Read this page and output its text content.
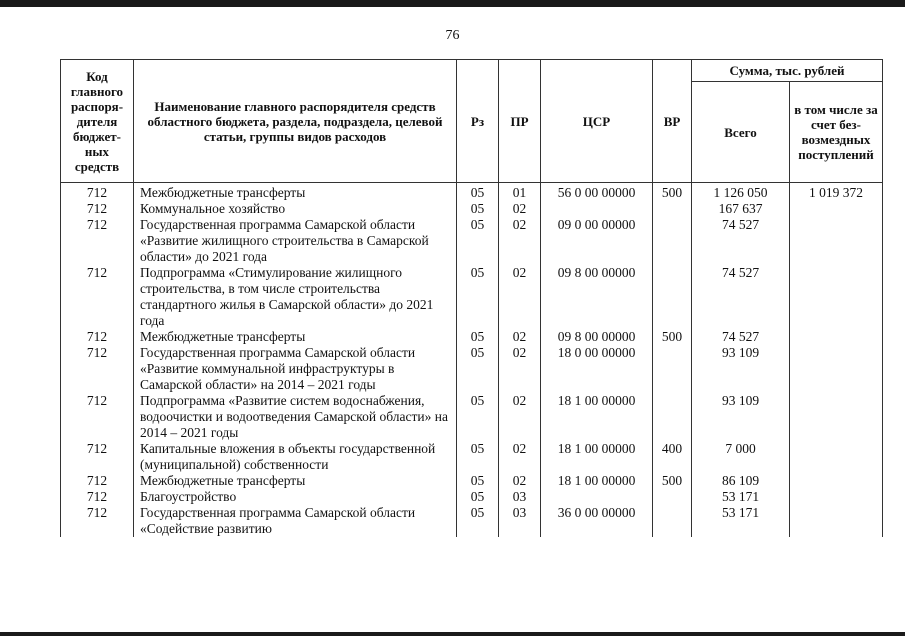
76
Код главного распоря-дителя бюджет-ных средств	Наименование главного распорядителя средств областного бюджета, раздела, подраздела, целевой статьи, группы видов расходов	Рз	ПР	ЦСР	ВР	Сумма, тыс. рублей	
						Всего	в том числе за счет без-возмездных поступлений
712	Межбюджетные трансферты	05	01	56 0 00 00000	500	1 126 050	1 019 372
712	Коммунальное хозяйство	05	02			167 637	
712	Государственная программа Самарской области «Развитие жилищного строительства в Самарской области» до 2021 года	05	02	09 0 00 00000		74 527	
712	Подпрограмма «Стимулирование жилищного строительства, в том числе строительства стандартного жилья в Самарской области» до 2021 года	05	02	09 8 00 00000		74 527	
712	Межбюджетные трансферты	05	02	09 8 00 00000	500	74 527	
712	Государственная программа Самарской области «Развитие коммунальной инфраструктуры в Самарской области» на 2014 – 2021 годы	05	02	18 0 00 00000		93 109	
712	Подпрограмма «Развитие систем водоснабжения, водоочистки и водоотведения Самарской области» на 2014 – 2021 годы	05	02	18 1 00 00000		93 109	
712	Капитальные вложения в объекты государственной (муниципальной) собственности	05	02	18 1 00 00000	400	7 000	
712	Межбюджетные трансферты	05	02	18 1 00 00000	500	86 109	
712	Благоустройство	05	03			53 171	
712	Государственная программа Самарской области «Содействие развитию	05	03	36 0 00 00000		53 171	
